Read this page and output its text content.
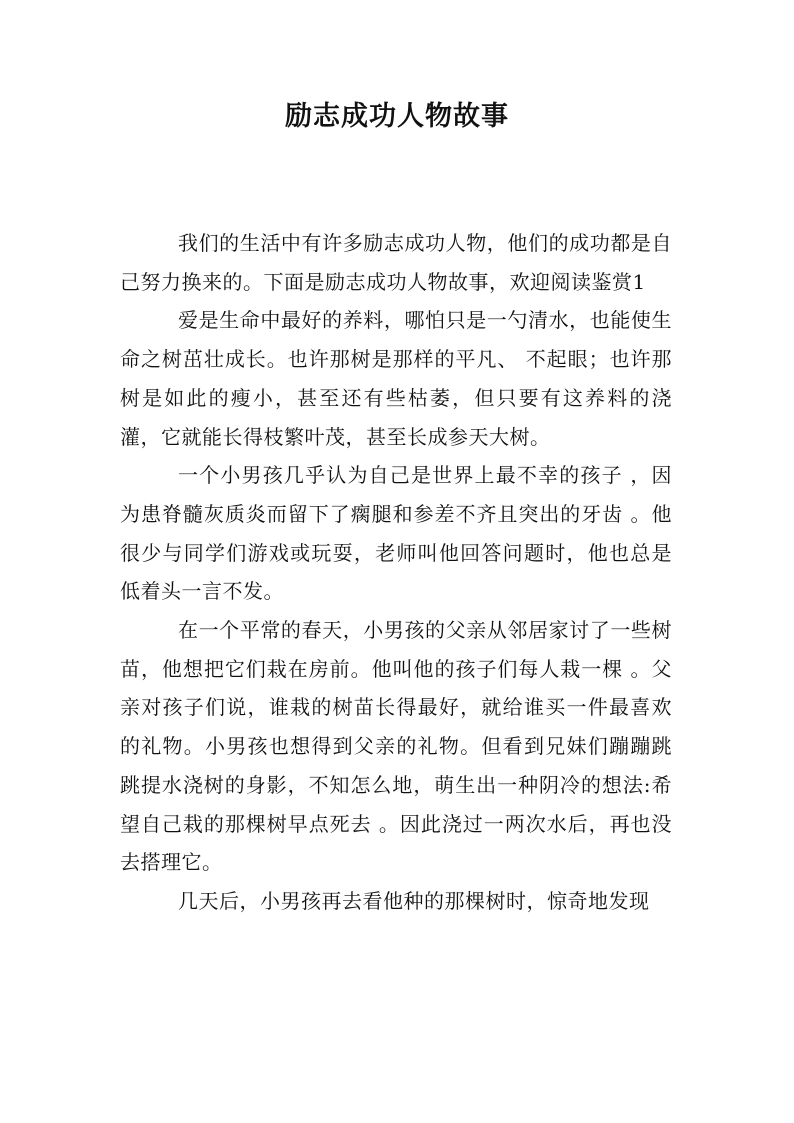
励志成功人物故事

我们的生活中有许多励志成功人物，他们的成功都是自己努力换来的。下面是励志成功人物故事，欢迎阅读鉴赏1

爱是生命中最好的养料，哪怕只是一勺清水，也能使生命之树茁壮成长。也许那树是那样的平凡、 不起眼；也许那树是如此的瘦小，甚至还有些枯萎，但只要有这养料的浇灌，它就能长得枝繁叶茂，甚至长成参天大树。

一个小男孩几乎认为自己是世界上最不幸的孩子 ，因为患脊髓灰质炎而留下了瘸腿和参差不齐且突出的牙齿 。他很少与同学们游戏或玩耍，老师叫他回答问题时，他也总是低着头一言不发。

在一个平常的春天，小男孩的父亲从邻居家讨了一些树苗，他想把它们栽在房前。他叫他的孩子们每人栽一棵 。父亲对孩子们说，谁栽的树苗长得最好，就给谁买一件最喜欢的礼物。小男孩也想得到父亲的礼物。但看到兄妹们蹦蹦跳跳提水浇树的身影，不知怎么地，萌生出一种阴冷的想法:希望自己栽的那棵树早点死去 。因此浇过一两次水后，再也没去搭理它。

几天后，小男孩再去看他种的那棵树时，惊奇地发现
